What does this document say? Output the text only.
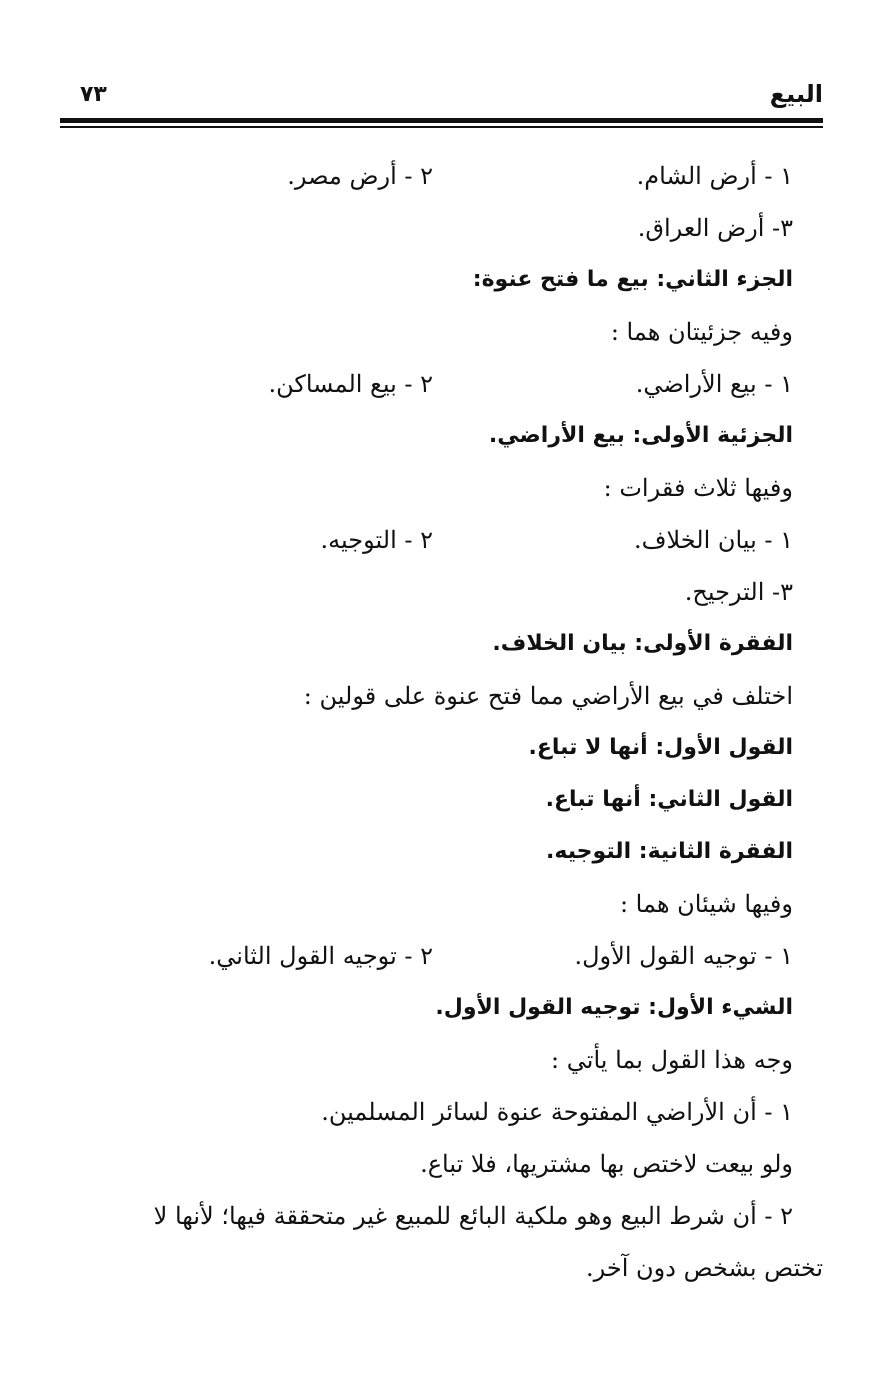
البيع
٧٣
١ - أرض الشام.
٢ - أرض مصر.
٣- أرض العراق.
الجزء الثاني: بيع ما فتح عنوة:
وفيه جزئيتان هما :
١ - بيع الأراضي.
٢ - بيع المساكن.
الجزئية الأولى: بيع الأراضي.
وفيها ثلاث فقرات :
١ - بيان الخلاف.
٢ - التوجيه.
٣- الترجيح.
الفقرة الأولى: بيان الخلاف.
اختلف في بيع الأراضي مما فتح عنوة على قولين :
القول الأول: أنها لا تباع.
القول الثاني: أنها تباع.
الفقرة الثانية: التوجيه.
وفيها شيئان هما :
١ - توجيه القول الأول.
٢ - توجيه القول الثاني.
الشيء الأول: توجيه القول الأول.
وجه هذا القول بما يأتي :
١ - أن الأراضي المفتوحة عنوة لسائر المسلمين.
ولو بيعت لاختص بها مشتريها، فلا تباع.
٢ - أن شرط البيع وهو ملكية البائع للمبيع غير متحققة فيها؛ لأنها لا
تختص بشخص دون آخر.
